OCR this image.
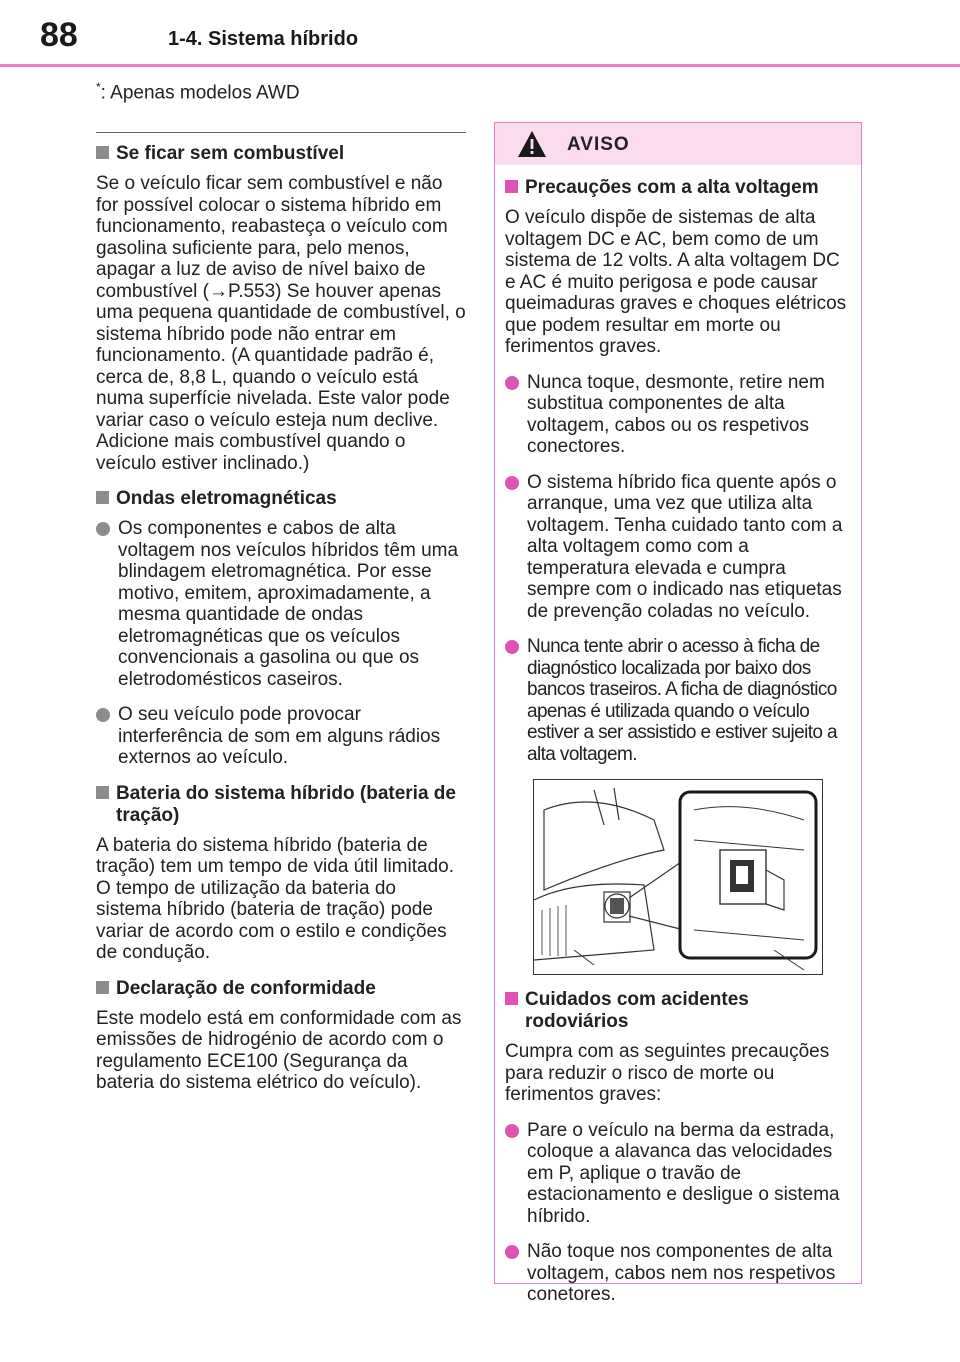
88	1-4. Sistema híbrido
*: Apenas modelos AWD
Se ficar sem combustível

Se o veículo ficar sem combustível e não for possível colocar o sistema híbrido em funcionamento, reabasteça o veículo com gasolina suficiente para, pelo menos, apagar a luz de aviso de nível baixo de combustível (→P.553) Se houver apenas uma pequena quantidade de combustível, o sistema híbrido pode não entrar em funcionamento. (A quantidade padrão é, cerca de, 8,8 L, quando o veículo está numa superfície nivelada. Este valor pode variar caso o veículo esteja num declive. Adicione mais combustível quando o veículo estiver inclinado.)

Ondas eletromagnéticas
Os componentes e cabos de alta voltagem nos veículos híbridos têm uma blindagem eletromagnética. Por esse motivo, emitem, aproximadamente, a mesma quantidade de ondas eletromagnéticas que os veículos convencionais a gasolina ou que os eletrodomésticos caseiros.
O seu veículo pode provocar interferência de som em alguns rádios externos ao veículo.
Bateria do sistema híbrido (bateria de tração)

A bateria do sistema híbrido (bateria de tração) tem um tempo de vida útil limitado. O tempo de utilização da bateria do sistema híbrido (bateria de tração) pode variar de acordo com o estilo e condições de condução.

Declaração de conformidade

Este modelo está em conformidade com as emissões de hidrogénio de acordo com o regulamento ECE100 (Segurança da bateria do sistema elétrico do veículo).

AVISO
Precauções com a alta voltagem

O veículo dispõe de sistemas de alta voltagem DC e AC, bem como de um sistema de 12 volts. A alta voltagem DC e AC é muito perigosa e pode causar queimaduras graves e choques elétricos que podem resultar em morte ou ferimentos graves.

Nunca toque, desmonte, retire nem substitua componentes de alta voltagem, cabos ou os respetivos conectores.
O sistema híbrido fica quente após o arranque, uma vez que utiliza alta voltagem. Tenha cuidado tanto com a alta voltagem como com a temperatura elevada e cumpra sempre com o indicado nas etiquetas de prevenção coladas no veículo.
Nunca tente abrir o acesso à ficha de diagnóstico localizada por baixo dos bancos traseiros. A ficha de diagnóstico apenas é utilizada quando o veículo estiver a ser assistido e estiver sujeito a alta voltagem.
Cuidados com acidentes rodoviários

Cumpra com as seguintes precauções para reduzir o risco de morte ou ferimentos graves:

Pare o veículo na berma da estrada, coloque a alavanca das velocidades em P, aplique o travão de estacionamento e desligue o sistema híbrido.
Não toque nos componentes de alta voltagem, cabos nem nos respetivos conetores.
